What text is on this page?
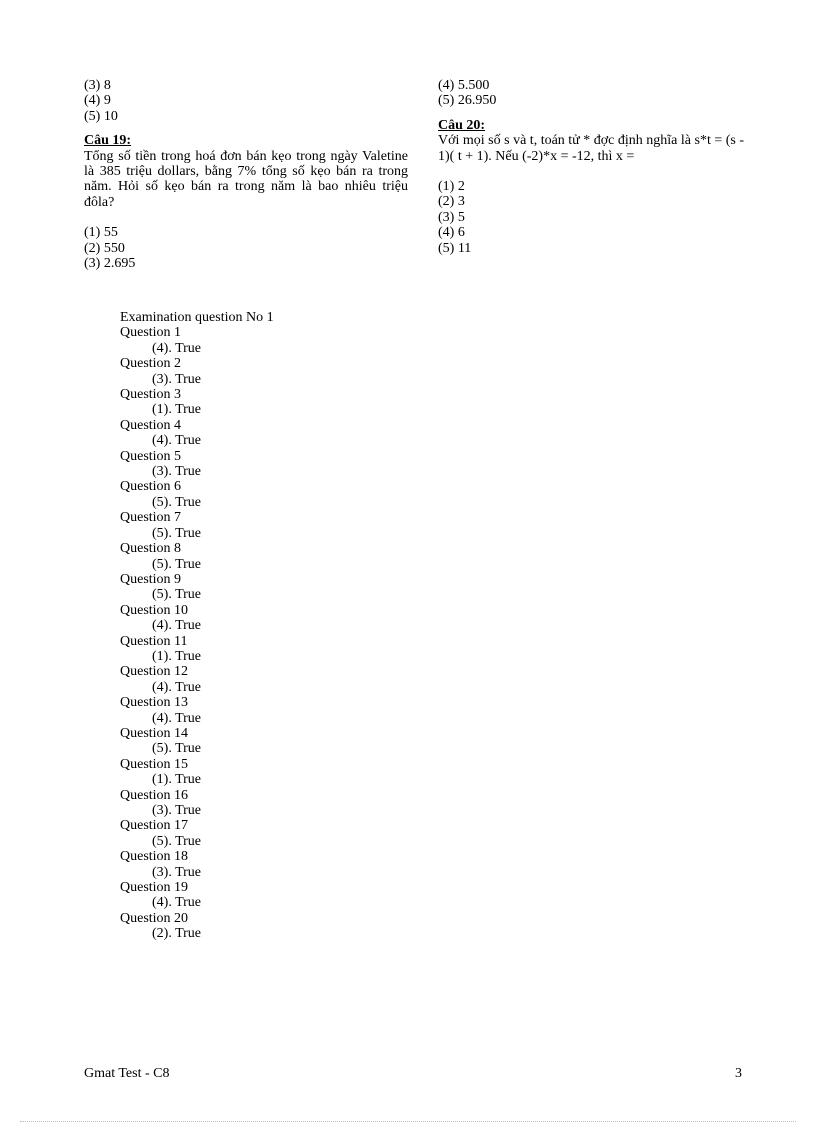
(3) 8
(4) 9
(5) 10
Câu 19:
Tổng số tiền trong hoá đơn bán kẹo trong ngày Valetine là 385 triệu dollars, bằng 7% tổng số kẹo bán ra trong năm. Hỏi số kẹo bán ra trong năm là bao nhiêu triệu đôla?
(1) 55
(2) 550
(3) 2.695
(4) 5.500
(5) 26.950
Câu 20:
Với mọi số s và t, toán tử * đợc định nghĩa là s*t = (s - 1)( t + 1). Nếu (-2)*x = -12, thì x =
(1) 2
(2) 3
(3) 5
(4) 6
(5) 11
Examination question No 1
Question 1
(4). True
Question 2
(3). True
Question 3
(1). True
Question 4
(4). True
Question 5
(3). True
Question 6
(5). True
Question 7
(5). True
Question 8
(5). True
Question 9
(5). True
Question 10
(4). True
Question 11
(1). True
Question 12
(4). True
Question 13
(4). True
Question 14
(5). True
Question 15
(1). True
Question 16
(3). True
Question 17
(5). True
Question 18
(3). True
Question 19
(4). True
Question 20
(2). True
Gmat Test - C8	3
